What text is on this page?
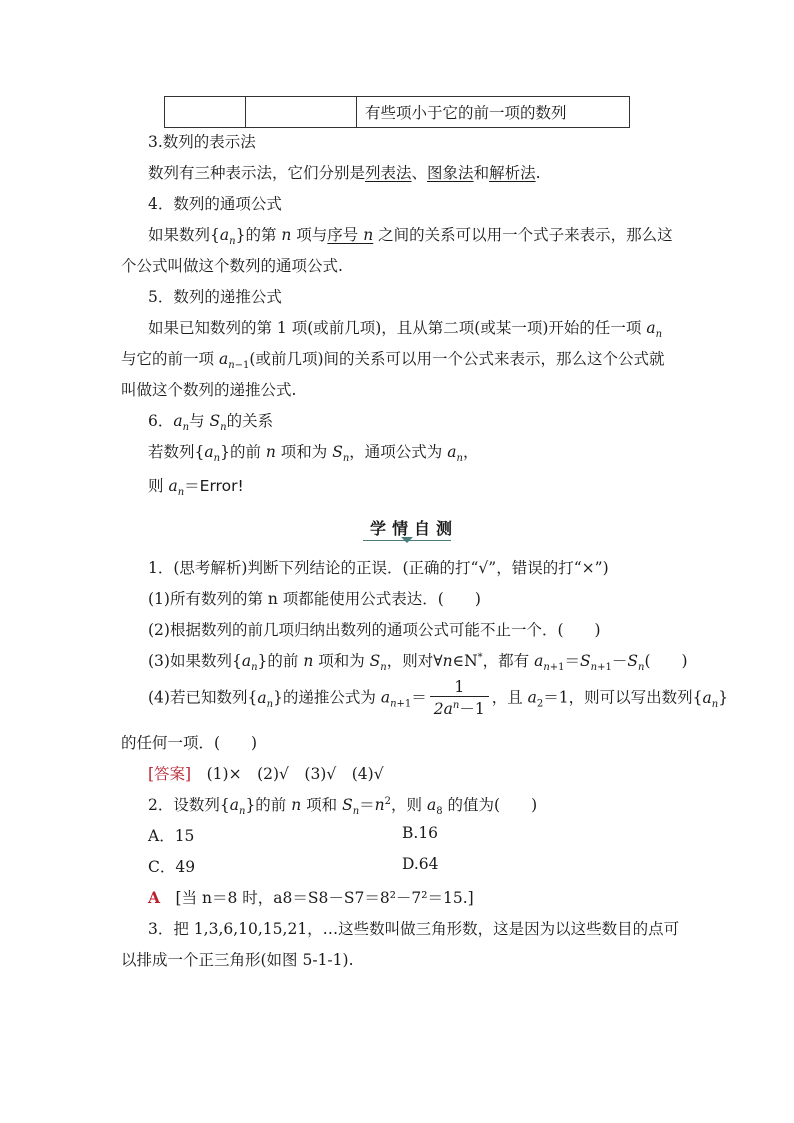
		有些项小于它的前一项的数列
3.数列的表示法
数列有三种表示法，它们分别是列表法、图象法和解析法.
4．数列的通项公式
如果数列$\{a_n\}$的第 n 项与序号 n 之间的关系可以用一个式子来表示，那么这
个公式叫做这个数列的通项公式.
5．数列的递推公式
如果已知数列的第 1 项(或前几项)，且从第二项(或某一项)开始的任一项 $a_n$
与它的前一项 $a_{n-1}$(或前几项)间的关系可以用一个公式来表示，那么这个公式就
叫做这个数列的递推公式.
6．$a_n$与 $S_n$的关系
若数列$\{a_n\}$的前 n 项和为 $S_n$，通项公式为 $a_n$，
则 $a_n=Error$!
学情自测
1．(思考解析)判断下列结论的正误．(正确的打“√”，错误的打“×”)
(1)所有数列的第 n 项都能使用公式表达．(　　)
(2)根据数列的前几项归纳出数列的通项公式可能不止一个．(　　)
(3)如果数列$\{a_n\}$的前 n 项和为 $S_n$，则对∀n∈N*，都有 $a_{n+1}=S_{n+1}-S_n$(　　)
(4)若已知数列$\{a_n\}$的递推公式为 $a_{n+1}= \frac{1}{2a^n-1}$ ，且 $a_2=1$，则可以写出数列$\{a_n\}$
的任何一项．(　　)
[答案]　 (1)×　(2)√　(3)√　(4)√
2．设数列$\{a_n\}$的前 n 项和 $S_n=n^2$，则 $a_8$ 的值为(　　)
A．15	B.16
C．49	D.64
A　 [当 n＝8 时，a8＝S8－S7＝8²－7²＝15.]
3．把 1,3,6,10,15,21，…这些数叫做三角形数，这是因为以这些数目的点可
以排成一个正三角形(如图 5-1-1).
